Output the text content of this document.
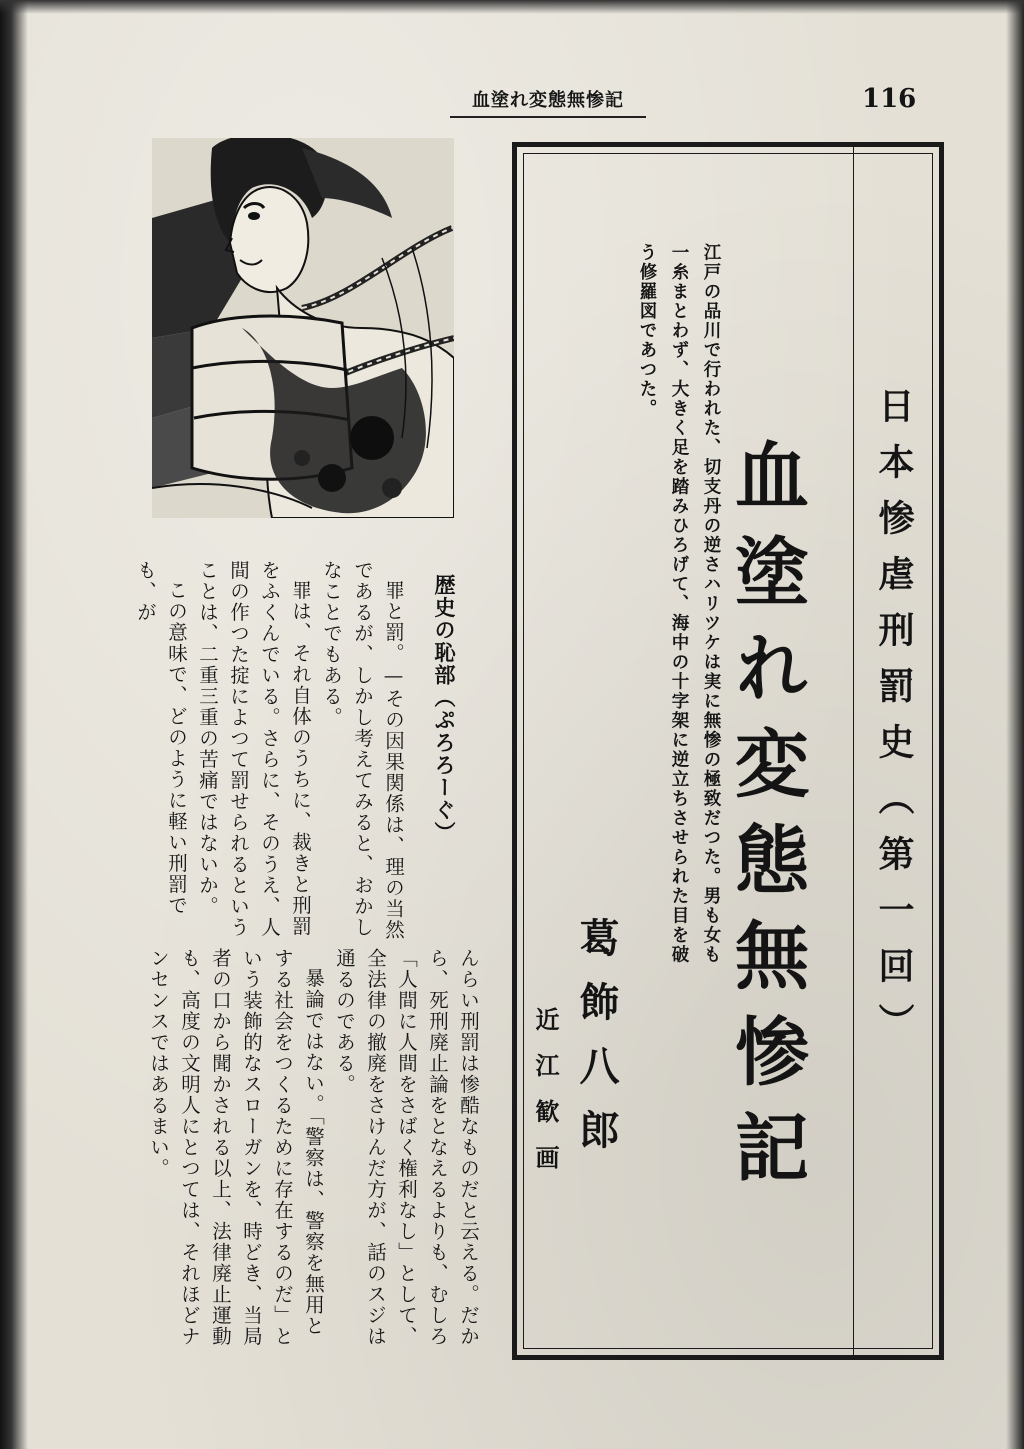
血塗れ変態無惨記	116
日本惨虐刑罰史（第一回）
血塗れ変態無惨記
江戸の品川で行われた、切支丹の逆さハリツケは実に無惨の極致だつた。男も女も一糸まとわず、大きく足を踏みひろげて、海中の十字架に逆立ちさせられた目を破う修羅図であつた。
葛飾八郎
近江歓画

歴史の恥部（ぷろろーぐ）

罪と罰。—その因果関係は、理の当然であるが、しかし考えてみると、おかしなことでもある。

罪は、それ自体のうちに、裁きと刑罰をふくんでいる。さらに、そのうえ、人間の作つた掟によつて罰せられるということは、二重三重の苦痛ではないか。

この意味で、どのように軽い刑罰でも、が

んらい刑罰は惨酷なものだと云える。だから、死刑廃止論をとなえるよりも、むしろ「人間に人間をさばく権利なし」として、全法律の撤廃をさけんだ方が、話のスジは通るのである。

暴論ではない。「警察は、警察を無用とする社会をつくるために存在するのだ」という装飾的なスローガンを、時どき、当局者の口から聞かされる以上、法律廃止運動も、高度の文明人にとつては、それほどナンセンスではあるまい。
